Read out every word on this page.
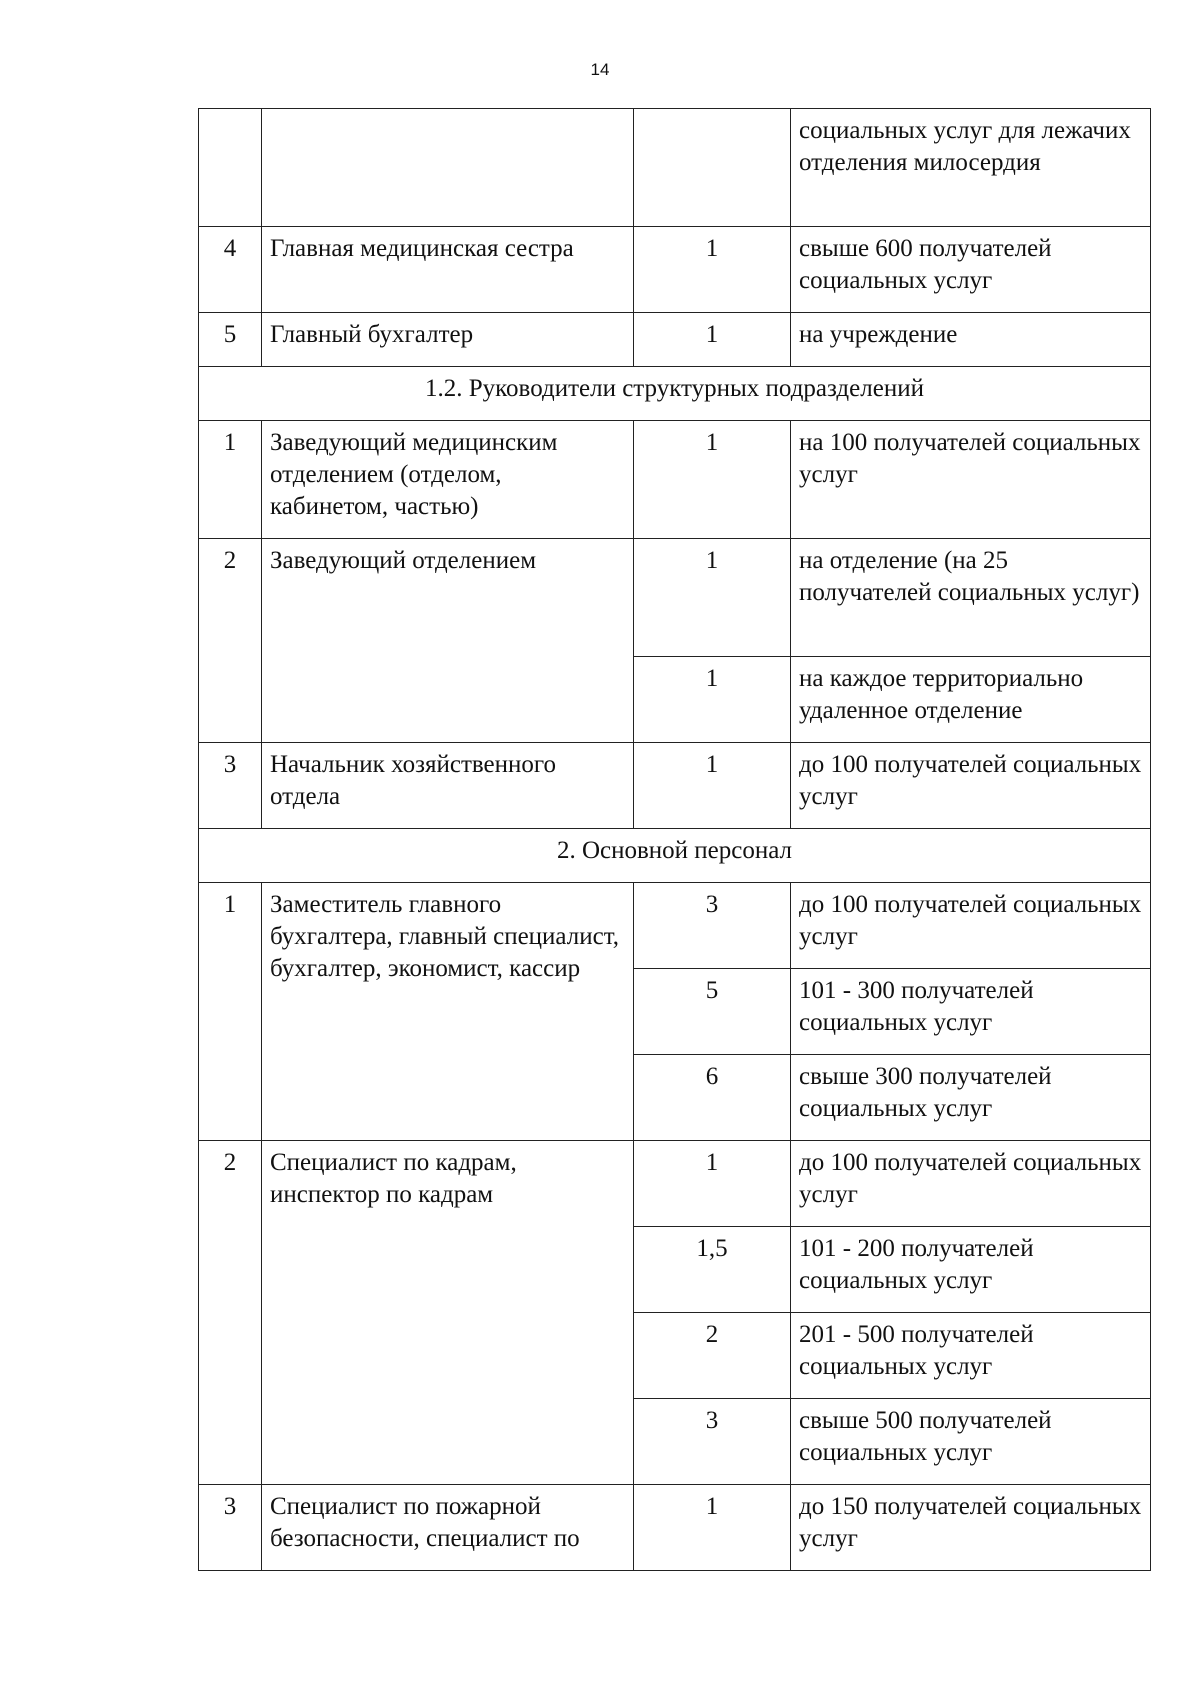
14
			социальных услуг для лежачих отделения милосердия
4	Главная медицинская сестра	1	свыше 600 получателей социальных услуг
5	Главный бухгалтер	1	на учреждение
1.2. Руководители структурных подразделений			
1	Заведующий медицинским отделением (отделом, кабинетом, частью)	1	на 100 получателей социальных услуг
2	Заведующий отделением	1	на отделение (на 25 получателей социальных услуг)
		1	на каждое территориально удаленное отделение
3	Начальник хозяйственного отдела	1	до 100 получателей социальных услуг
2. Основной персонал			
1	Заместитель главного бухгалтера, главный специалист, бухгалтер, экономист, кассир	3	до 100 получателей социальных услуг
		5	101 - 300 получателей социальных услуг
		6	свыше 300 получателей социальных услуг
2	Специалист по кадрам, инспектор по кадрам	1	до 100 получателей социальных услуг
		1,5	101 - 200 получателей социальных услуг
		2	201 - 500 получателей социальных услуг
		3	свыше 500 получателей социальных услуг
3	Специалист по пожарной безопасности, специалист по	1	до 150 получателей социальных услуг
